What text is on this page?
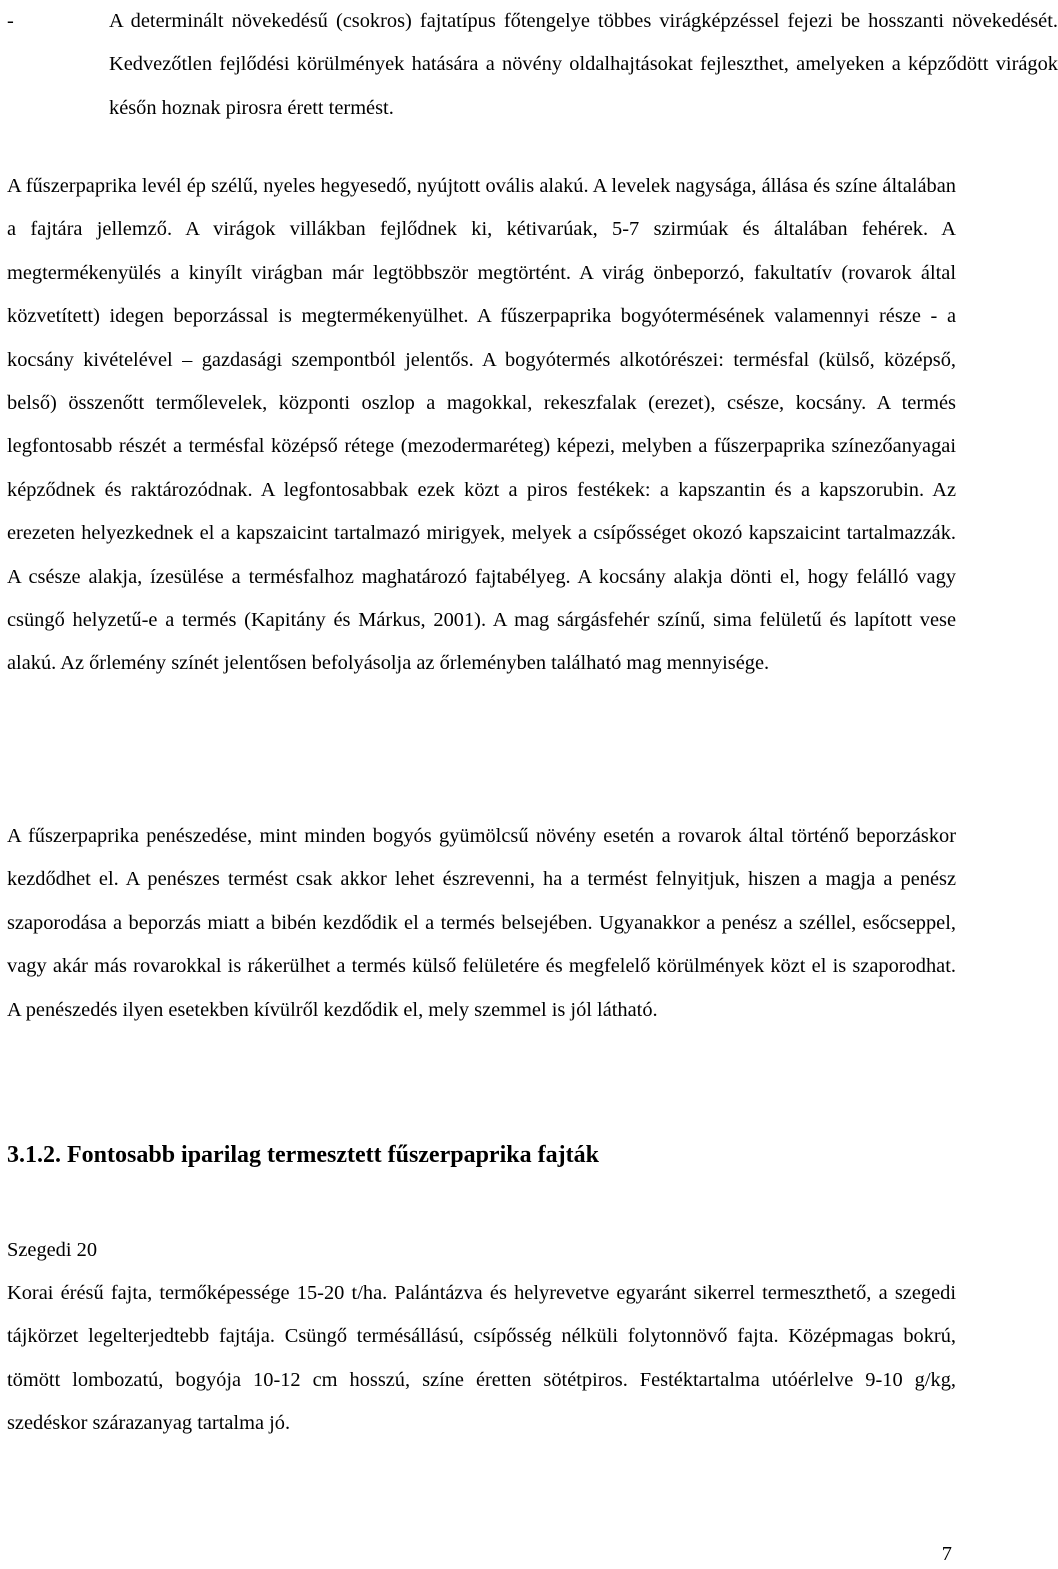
-	A determinált növekedésű (csokros) fajtatípus főtengelye többes virágképzéssel fejezi be hosszanti növekedését. Kedvezőtlen fejlődési körülmények hatására a növény oldalhajtásokat fejleszthet, amelyeken a képződött virágok későn hoznak pirosra érett termést.

A fűszerpaprika levél ép szélű, nyeles hegyesedő, nyújtott ovális alakú. A levelek nagysága, állása és színe általában a fajtára jellemző. A virágok villákban fejlődnek ki, kétivarúak, 5-7 szirmúak és általában fehérek. A megtermékenyülés a kinyílt virágban már legtöbbször megtörtént. A virág önbeporzó, fakultatív (rovarok által közvetített) idegen beporzással is megtermékenyülhet. A fűszerpaprika bogyótermésének valamennyi része - a kocsány kivételével – gazdasági szempontból jelentős. A bogyótermés alkotórészei: termésfal (külső, középső, belső) összenőtt termőlevelek, központi oszlop a magokkal, rekeszfalak (erezet), csésze, kocsány. A termés legfontosabb részét a termésfal középső rétege (mezodermaréteg) képezi, melyben a fűszerpaprika színezőanyagai képződnek és raktározódnak. A legfontosabbak ezek közt a piros festékek: a kapszantin és a kapszorubin. Az erezeten helyezkednek el a kapszaicint tartalmazó mirigyek, melyek a csípősséget okozó kapszaicint tartalmazzák. A csésze alakja, ízesülése a termésfalhoz maghatározó fajtabélyeg. A kocsány alakja dönti el, hogy felálló vagy csüngő helyzetű-e a termés (Kapitány és Márkus, 2001). A mag sárgásfehér színű, sima felületű és lapított vese alakú. Az őrlemény színét jelentősen befolyásolja az őrleményben található mag mennyisége.

A fűszerpaprika penészedése, mint minden bogyós gyümölcsű növény esetén a rovarok által történő beporzáskor kezdődhet el. A penészes termést csak akkor lehet észrevenni, ha a termést felnyitjuk, hiszen a magja a penész szaporodása a beporzás miatt a bibén kezdődik el a termés belsejében. Ugyanakkor a penész a széllel, esőcseppel, vagy akár más rovarokkal is rákerülhet a termés külső felületére és megfelelő körülmények közt el is szaporodhat. A penészedés ilyen esetekben kívülről kezdődik el, mely szemmel is jól látható.

3.1.2. Fontosabb iparilag termesztett fűszerpaprika fajták

Szegedi 20

Korai érésű fajta, termőképessége 15-20 t/ha. Palántázva és helyrevetve egyaránt sikerrel termeszthető, a szegedi tájkörzet legelterjedtebb fajtája. Csüngő termésállású, csípősség nélküli folytonnövő fajta. Középmagas bokrú, tömött lombozatú, bogyója 10-12 cm hosszú, színe éretten sötétpiros. Festéktartalma utóérlelve 9-10 g/kg, szedéskor szárazanyag tartalma jó.

7
